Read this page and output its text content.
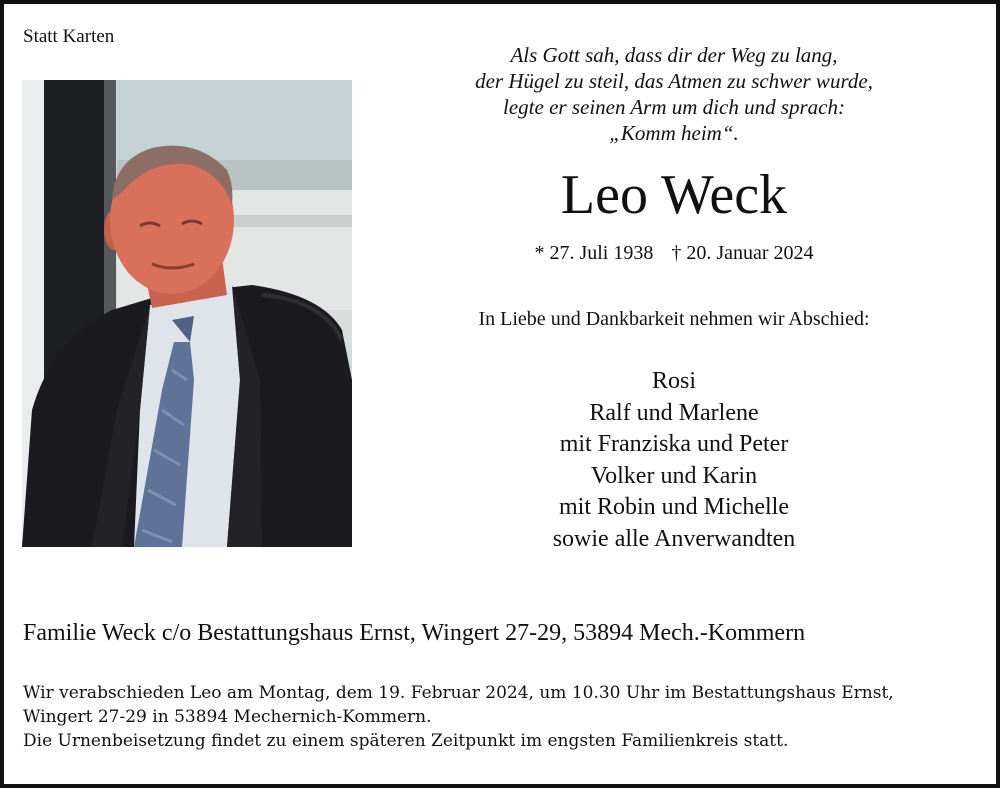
Statt Karten
Als Gott sah, dass dir der Weg zu lang,
der Hügel zu steil, das Atmen zu schwer wurde,
legte er seinen Arm um dich und sprach:
„Komm heim“.
Leo Weck
* 27. Juli 1938 † 20. Januar 2024
In Liebe und Dankbarkeit nehmen wir Abschied:
Rosi
Ralf und Marlene
mit Franziska und Peter
Volker und Karin
mit Robin und Michelle
sowie alle Anverwandten
Familie Weck c/o Bestattungshaus Ernst, Wingert 27-29, 53894 Mech.-Kommern
Wir verabschieden Leo am Montag, dem 19. Februar 2024, um 10.30 Uhr im Bestattungshaus Ernst,
Wingert 27-29 in 53894 Mechernich-Kommern.
Die Urnenbeisetzung findet zu einem späteren Zeitpunkt im engsten Familienkreis statt.
